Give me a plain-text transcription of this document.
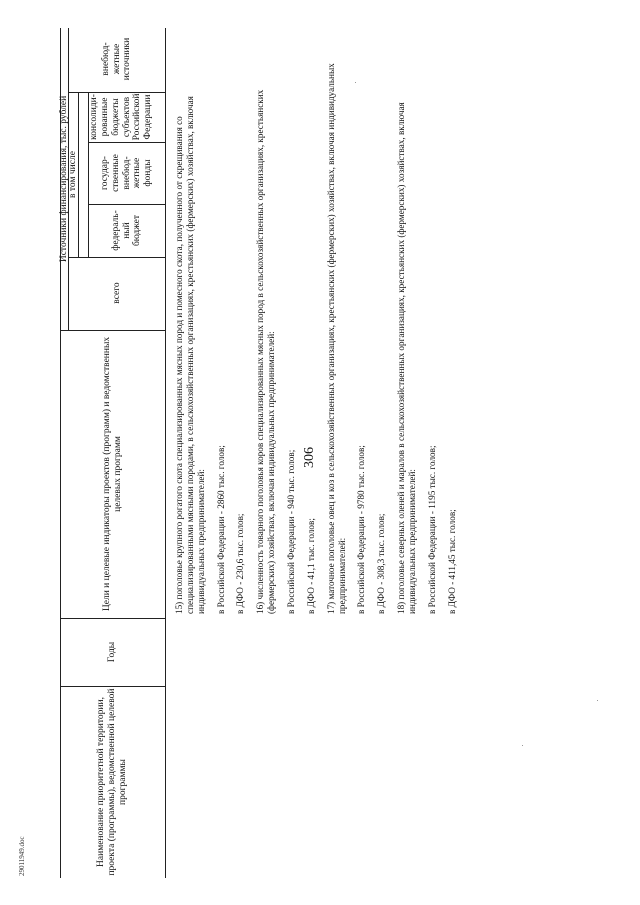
306
29011949.doc	Наименование приоритетной территории, проекта (программы), ведомственной целевой программы
Годы
Цели и целевые индикаторы проектов (программ) и ведомственных целевых программ
Источники финансирования, тыс. рублей
всего
в том числе
федераль-
ный
бюджет
государ-
ственные
внебюд-
жетные
фонды
консолиди-
рованные
бюджеты
субъектов
Российской
Федерации
внебюд-
жетные
источники
15) поголовье крупного рогатого скота специализированных мясных пород и помесного скота, полученного от скрещивания со специализированными мясными породами, в сельскохозяйственных организациях, крестьянских (фермерских) хозяйствах, включая индивидуальных предпринимателей: в Российской Федерации - 2860 тыс. голов; в ДФО - 230,6 тыс. голов; 16) численность товарного поголовья коров специализированных мясных пород в сельскохозяйственных организациях, крестьянских (фермерских) хозяйствах, включая индивидуальных предпринимателей: в Российской Федерации - 940 тыс. голов; в ДФО - 41,1 тыс. голов; 17) маточное поголовье овец и коз в сельскохозяйственных организациях, крестьянских (фермерских) хозяйствах, включая индивидуальных предпринимателей: в Российской Федерации - 9780 тыс. голов; в ДФО - 308,3 тыс. голов; 18) поголовье северных оленей и маралов в сельскохозяйственных организациях, крестьянских (фермерских) хозяйствах, включая индивидуальных предпринимателей: в Российской Федерации - 1195 тыс. голов; в ДФО - 411,45 тыс. голов;
